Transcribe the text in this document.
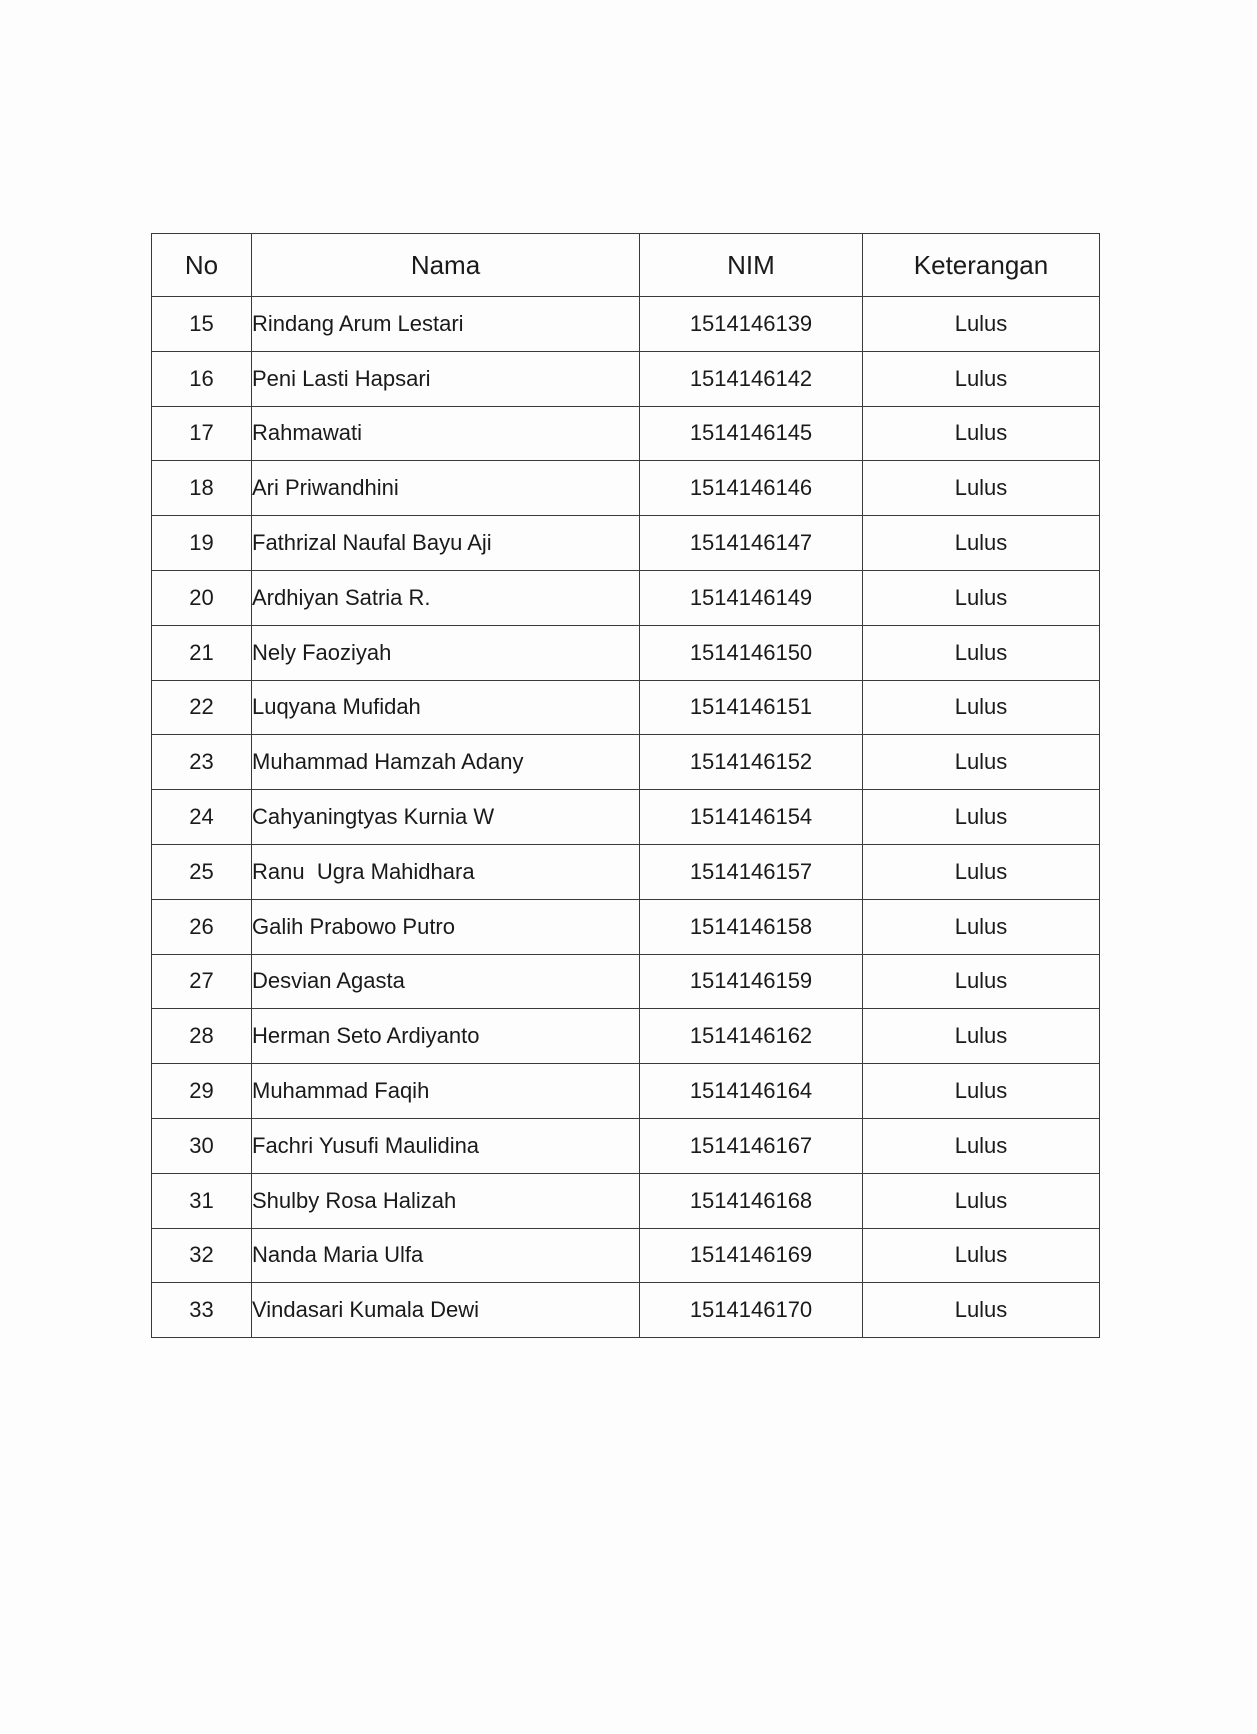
No	Nama	NIM	Keterangan
15	Rindang Arum Lestari	1514146139	Lulus
16	Peni Lasti Hapsari	1514146142	Lulus
17	Rahmawati	1514146145	Lulus
18	Ari Priwandhini	1514146146	Lulus
19	Fathrizal Naufal Bayu Aji	1514146147	Lulus
20	Ardhiyan Satria R.	1514146149	Lulus
21	Nely Faoziyah	1514146150	Lulus
22	Luqyana Mufidah	1514146151	Lulus
23	Muhammad Hamzah Adany	1514146152	Lulus
24	Cahyaningtyas Kurnia W	1514146154	Lulus
25	Ranu  Ugra Mahidhara	1514146157	Lulus
26	Galih Prabowo Putro	1514146158	Lulus
27	Desvian Agasta	1514146159	Lulus
28	Herman Seto Ardiyanto	1514146162	Lulus
29	Muhammad Faqih	1514146164	Lulus
30	Fachri Yusufi Maulidina	1514146167	Lulus
31	Shulby Rosa Halizah	1514146168	Lulus
32	Nanda Maria Ulfa	1514146169	Lulus
33	Vindasari Kumala Dewi	1514146170	Lulus
